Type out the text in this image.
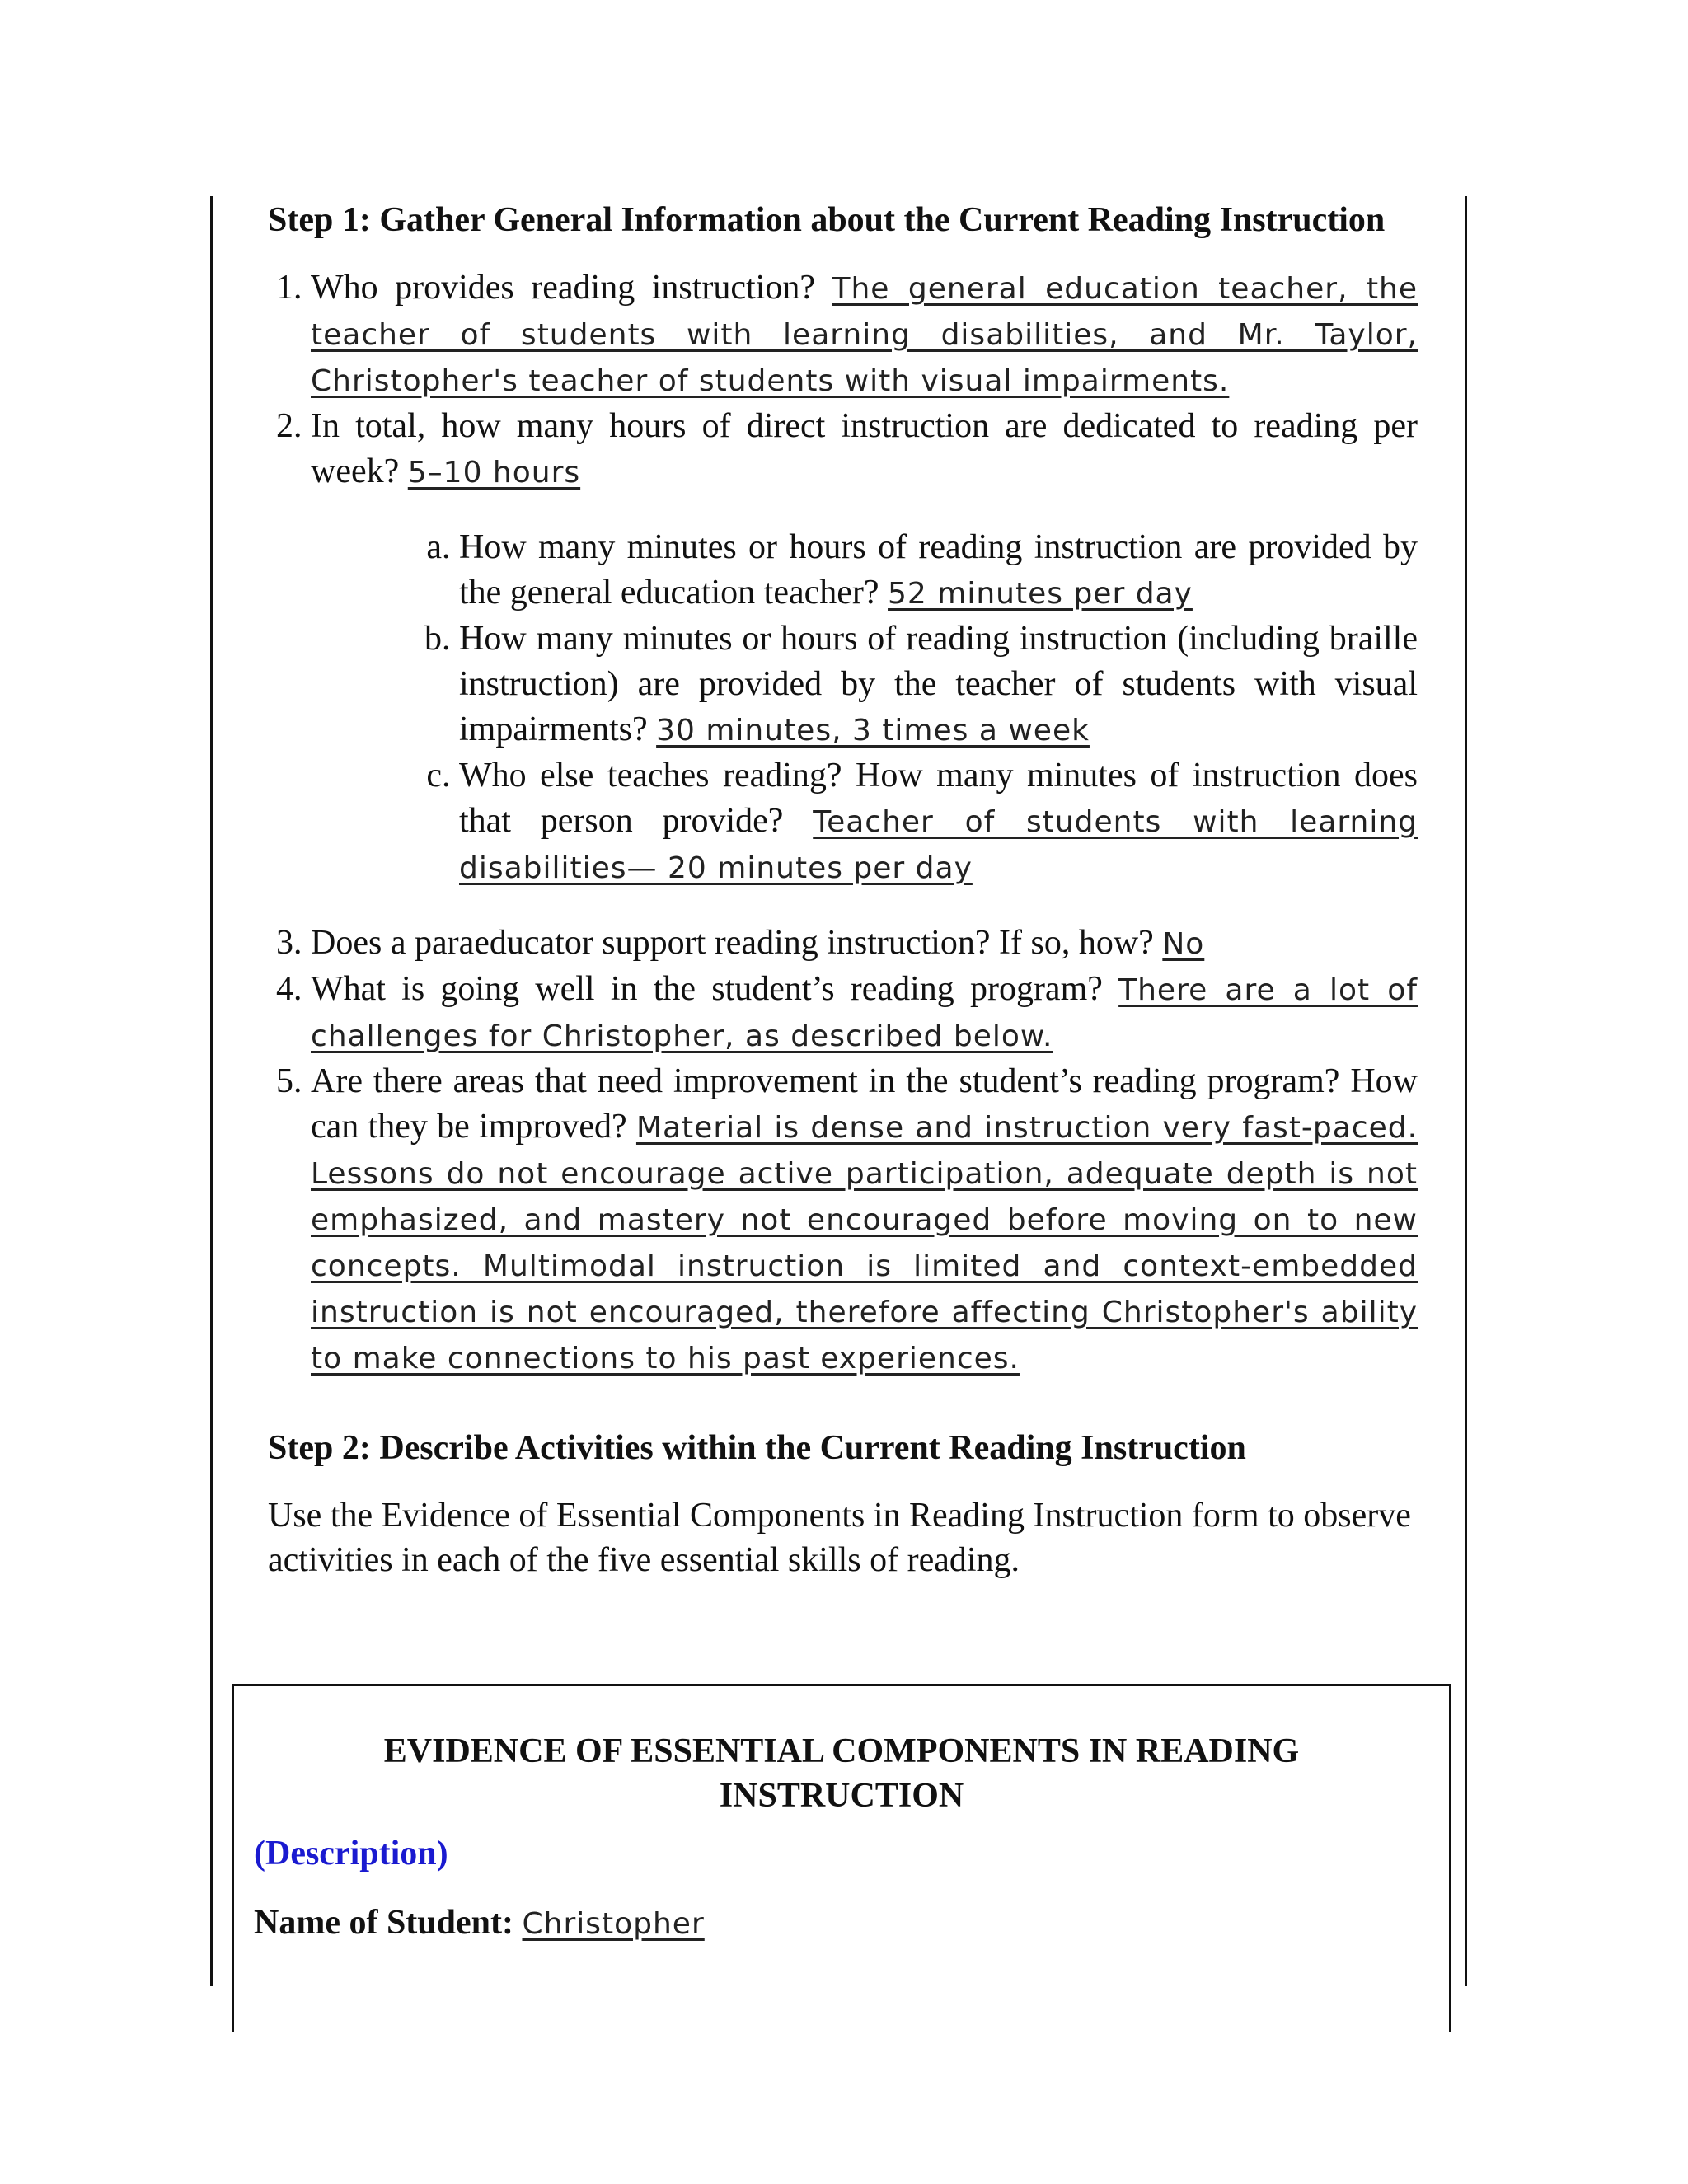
Step 1: Gather General Information about the Current Reading Instruction
1. Who provides reading instruction? The general education teacher, the teacher of students with learning disabilities, and Mr. Taylor, Christopher's teacher of students with visual impairments.
2. In total, how many hours of direct instruction are dedicated to reading per week? 5–10 hours
a. How many minutes or hours of reading instruction are provided by the general education teacher? 52 minutes per day
b. How many minutes or hours of reading instruction (including braille instruction) are provided by the teacher of students with visual impairments? 30 minutes, 3 times a week
c. Who else teaches reading? How many minutes of instruction does that person provide? Teacher of students with learning disabilities— 20 minutes per day
3. Does a paraeducator support reading instruction? If so, how? No
4. What is going well in the student’s reading program? There are a lot of challenges for Christopher, as described below.
5. Are there areas that need improvement in the student’s reading program? How can they be improved? Material is dense and instruction very fast-paced. Lessons do not encourage active participation, adequate depth is not emphasized, and mastery not encouraged before moving on to new concepts. Multimodal instruction is limited and context-embedded instruction is not encouraged, therefore affecting Christopher's ability to make connections to his past experiences.
Step 2: Describe Activities within the Current Reading Instruction

Use the Evidence of Essential Components in Reading Instruction form to observe activities in each of the five essential skills of reading.

EVIDENCE OF ESSENTIAL COMPONENTS IN READING INSTRUCTION
(Description)
Name of Student: Christopher
